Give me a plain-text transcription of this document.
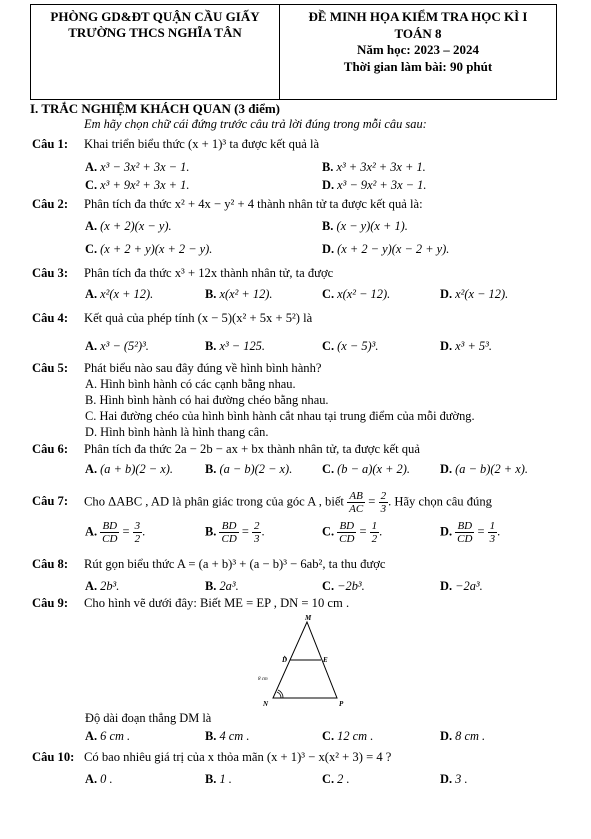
PHÒNG GD&ĐT QUẬN CẦU GIẤY
TRƯỜNG THCS NGHĨA TÂN
ĐỀ MINH HỌA KIỂM TRA HỌC KÌ I
TOÁN 8
Năm học: 2023 – 2024
Thời gian làm bài: 90 phút
I. TRẮC NGHIỆM KHÁCH QUAN (3 điểm)
Em hãy chọn chữ cái đứng trước câu trả lời đúng trong mỗi câu sau:
Câu 1: Khai triển biểu thức (x + 1)³ ta được kết quả là
A. x³ − 3x² + 3x − 1.	B. x³ + 3x² + 3x + 1.
C. x³ + 9x² + 3x + 1.	D. x³ − 9x² + 3x − 1.
Câu 2: Phân tích đa thức x² + 4x − y² + 4 thành nhân tử ta được kết quả là:
A. (x + 2)(x − y).	B. (x − y)(x + 1).
C. (x + 2 + y)(x + 2 − y).	D. (x + 2 − y)(x − 2 + y).
Câu 3: Phân tích đa thức x³ + 12x thành nhân tử, ta được
A. x²(x + 12).	B. x(x² + 12).	C. x(x² − 12).	D. x²(x − 12).
Câu 4: Kết quả của phép tính (x − 5)(x² + 5x + 5²) là
A. x³ − (5²)³.	B. x³ − 125.	C. (x − 5)³.	D. x³ + 5³.
Câu 5: Phát biểu nào sau đây đúng về hình bình hành?
A. Hình bình hành có các cạnh bằng nhau.
B. Hình bình hành có hai đường chéo bằng nhau.
C. Hai đường chéo của hình bình hành cắt nhau tại trung điểm của mỗi đường.
D. Hình bình hành là hình thang cân.
Câu 6: Phân tích đa thức 2a − 2b − ax + bx thành nhân tử, ta được kết quả
A. (a + b)(2 − x).	B. (a − b)(2 − x). C. (b − a)(x + 2). D. (a − b)(2 + x).
Câu 7: Cho ΔABC , AD là phân giác trong của góc A , biết $\frac{AB}{AC} = \frac{2}{3}$ . Hãy chọn câu đúng
A. $\frac{BD}{CD} = \frac{3}{2}$ .	B. $\frac{BD}{CD} = \frac{2}{3}$ .	C. $\frac{BD}{CD} = \frac{1}{2}$ .	D. $\frac{BD}{CD} = \frac{1}{3}$ .
Câu 8: Rút gọn biểu thức A = (a + b)³ + (a − b)³ − 6ab², ta thu được
A. 2b³.	B. 2a³.	C. −2b³.	D. −2a³.
Câu 9: Cho hình vẽ dưới đây: Biết ME = EP , DN = 10 cm .
M
D	E
N	P
8 cm
Độ dài đoạn thẳng DM là
A. 6 cm .	B. 4 cm .	C. 12 cm .	D. 8 cm .
Câu 10: Có bao nhiêu giá trị của x thỏa mãn (x + 1)³ − x(x² + 3) = 4 ?
A. 0 .	B. 1 .	C. 2 .	D. 3 .
